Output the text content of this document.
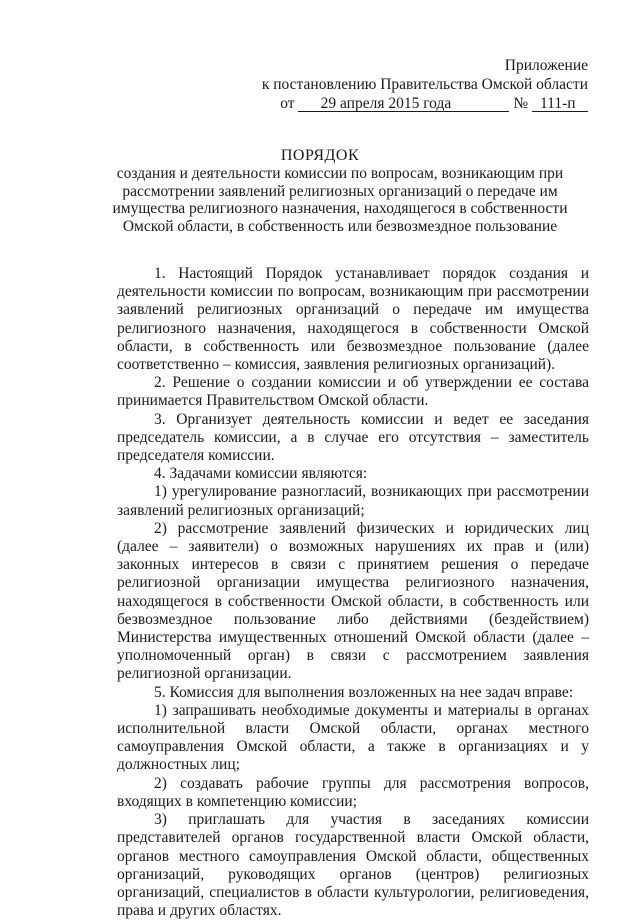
Приложение
к постановлению Правительства Омской области
от 29 апреля 2015 года	№ 111-п
ПОРЯДОК
создания и деятельности комиссии по вопросам, возникающим при рассмотрении заявлений религиозных организаций о передаче им имущества религиозного назначения, находящегося в собственности Омской области, в собственность или безвозмездное пользование

1. Настоящий Порядок устанавливает порядок создания и деятельности комиссии по вопросам, возникающим при рассмотрении заявлений религиозных организаций о передаче им имущества религиозного назначения, находящегося в собственности Омской области, в собственность или безвозмездное пользование (далее соответственно – комиссия, заявления религиозных организаций).

2. Решение о создании комиссии и об утверждении ее состава принимается Правительством Омской области.

3. Организует деятельность комиссии и ведет ее заседания председатель комиссии, а в случае его отсутствия – заместитель председателя комиссии.

4. Задачами комиссии являются:

1) урегулирование разногласий, возникающих при рассмотрении заявлений религиозных организаций;

2) рассмотрение заявлений физических и юридических лиц (далее – заявители) о возможных нарушениях их прав и (или) законных интересов в связи с принятием решения о передаче религиозной организации имущества религиозного назначения, находящегося в собственности Омской области, в собственность или безвозмездное пользование либо действиями (бездействием) Министерства имущественных отношений Омской области (далее – уполномоченный орган) в связи с рассмотрением заявления религиозной организации.

5. Комиссия для выполнения возложенных на нее задач вправе:

1) запрашивать необходимые документы и материалы в органах исполнительной власти Омской области, органах местного самоуправления Омской области, а также в организациях и у должностных лиц;

2) создавать рабочие группы для рассмотрения вопросов, входящих в компетенцию комиссии;

3) приглашать для участия в заседаниях комиссии представителей органов государственной власти Омской области, органов местного самоуправления Омской области, общественных организаций, руководящих органов (центров) религиозных организаций, специалистов в области культурологии, религиоведения, права и других областях.
